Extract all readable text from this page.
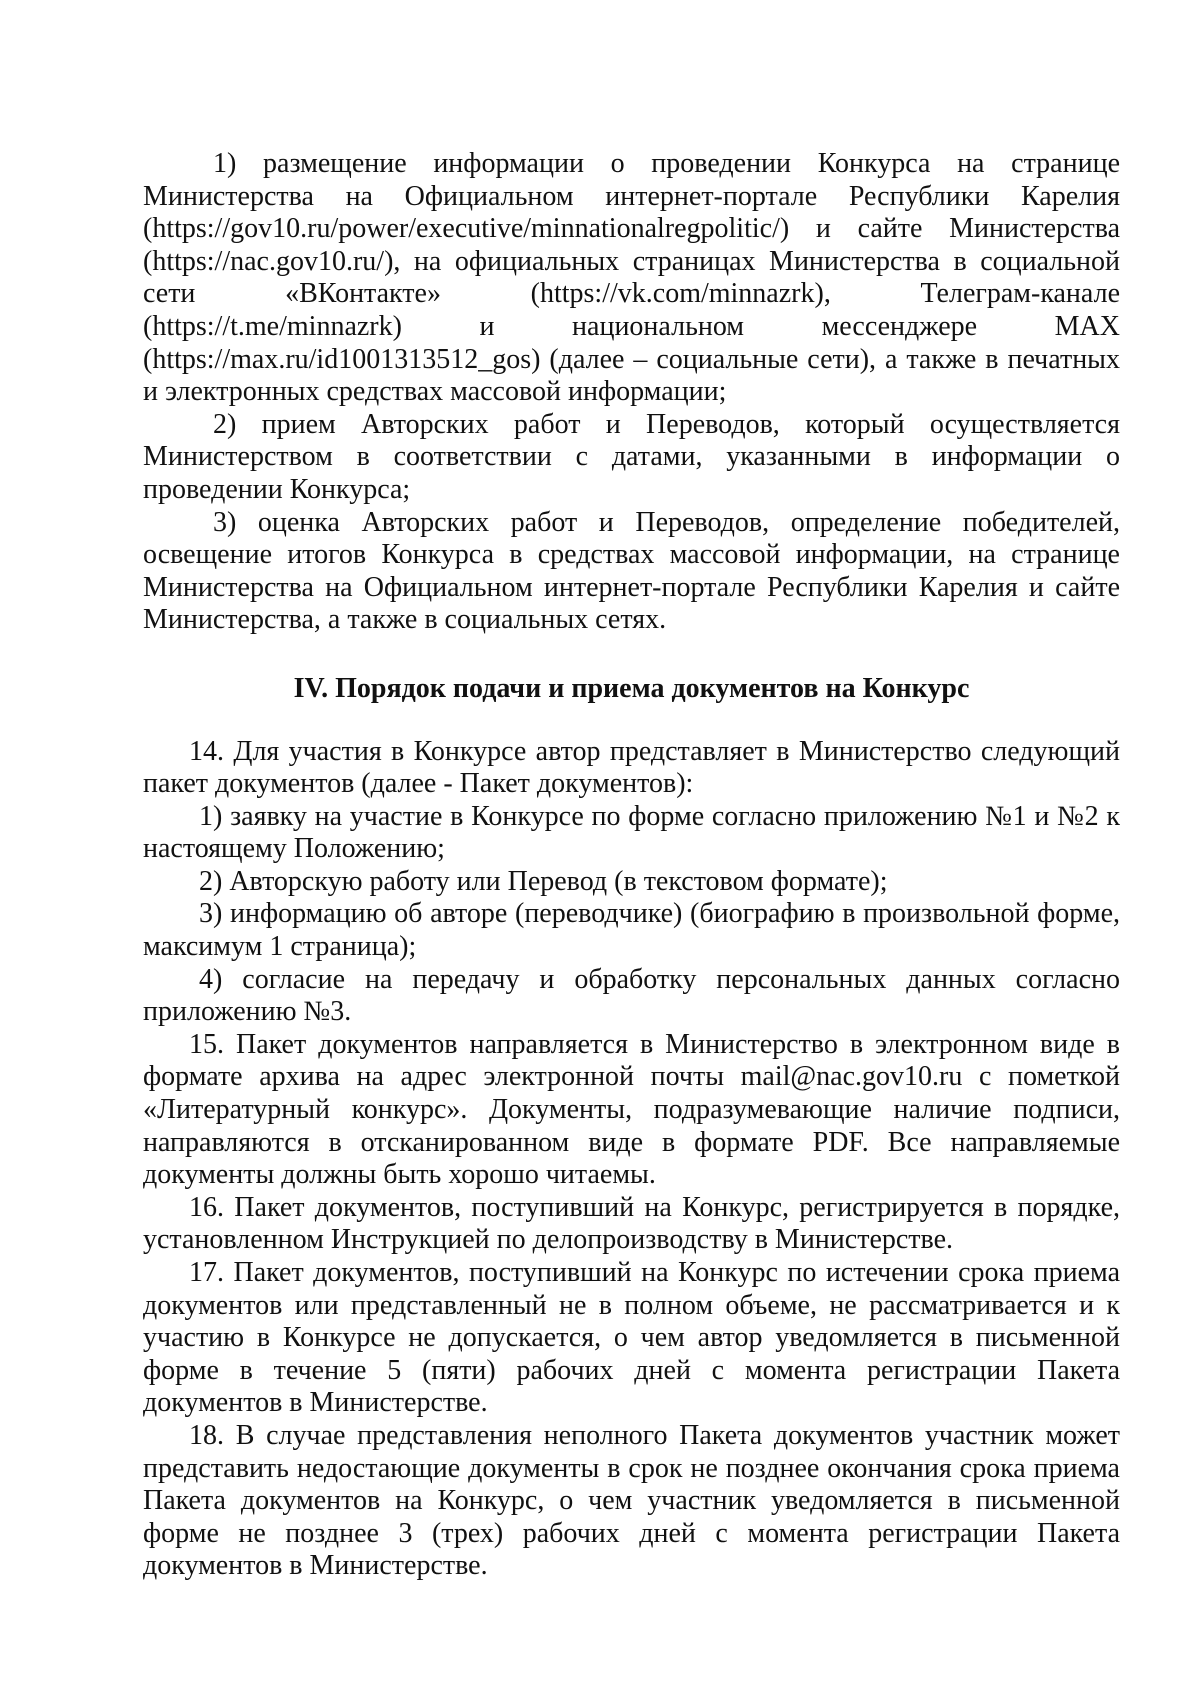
1) размещение информации о проведении Конкурса на странице Министерства на Официальном интернет-портале Республики Карелия (https://gov10.ru/power/executive/minnationalregpolitic/) и сайте Министерства (https://nac.gov10.ru/), на официальных страницах Министерства в социальной сети «ВКонтакте» (https://vk.com/minnazrk), Телеграм-канале (https://t.me/minnazrk) и национальном мессенджере MAX (https://max.ru/id1001313512_gos) (далее – социальные сети), а также в печатных и электронных средствах массовой информации;

2) прием Авторских работ и Переводов, который осуществляется Министерством в соответствии с датами, указанными в информации о проведении Конкурса;

3) оценка Авторских работ и Переводов, определение победителей, освещение итогов Конкурса в средствах массовой информации, на странице Министерства на Официальном интернет-портале Республики Карелия и сайте Министерства, а также в социальных сетях.

IV. Порядок подачи и приема документов на Конкурс

14. Для участия в Конкурсе автор представляет в Министерство следующий пакет документов (далее - Пакет документов):

1) заявку на участие в Конкурсе по форме согласно приложению №1 и №2 к настоящему Положению;

2) Авторскую работу или Перевод (в текстовом формате);

3) информацию об авторе (переводчике) (биографию в произвольной форме, максимум 1 страница);

4) согласие на передачу и обработку персональных данных согласно приложению №3.

15. Пакет документов направляется в Министерство в электронном виде в формате архива на адрес электронной почты mail@nac.gov10.ru с пометкой «Литературный конкурс». Документы, подразумевающие наличие подписи, направляются в отсканированном виде в формате PDF. Все направляемые документы должны быть хорошо читаемы.

16. Пакет документов, поступивший на Конкурс, регистрируется в порядке, установленном Инструкцией по делопроизводству в Министерстве.

17. Пакет документов, поступивший на Конкурс по истечении срока приема документов или представленный не в полном объеме, не рассматривается и к участию в Конкурсе не допускается, о чем автор уведомляется в письменной форме в течение 5 (пяти) рабочих дней с момента регистрации Пакета документов в Министерстве.

18. В случае представления неполного Пакета документов участник может представить недостающие документы в срок не позднее окончания срока приема Пакета документов на Конкурс, о чем участник уведомляется в письменной форме не позднее 3 (трех) рабочих дней с момента регистрации Пакета документов в Министерстве.
